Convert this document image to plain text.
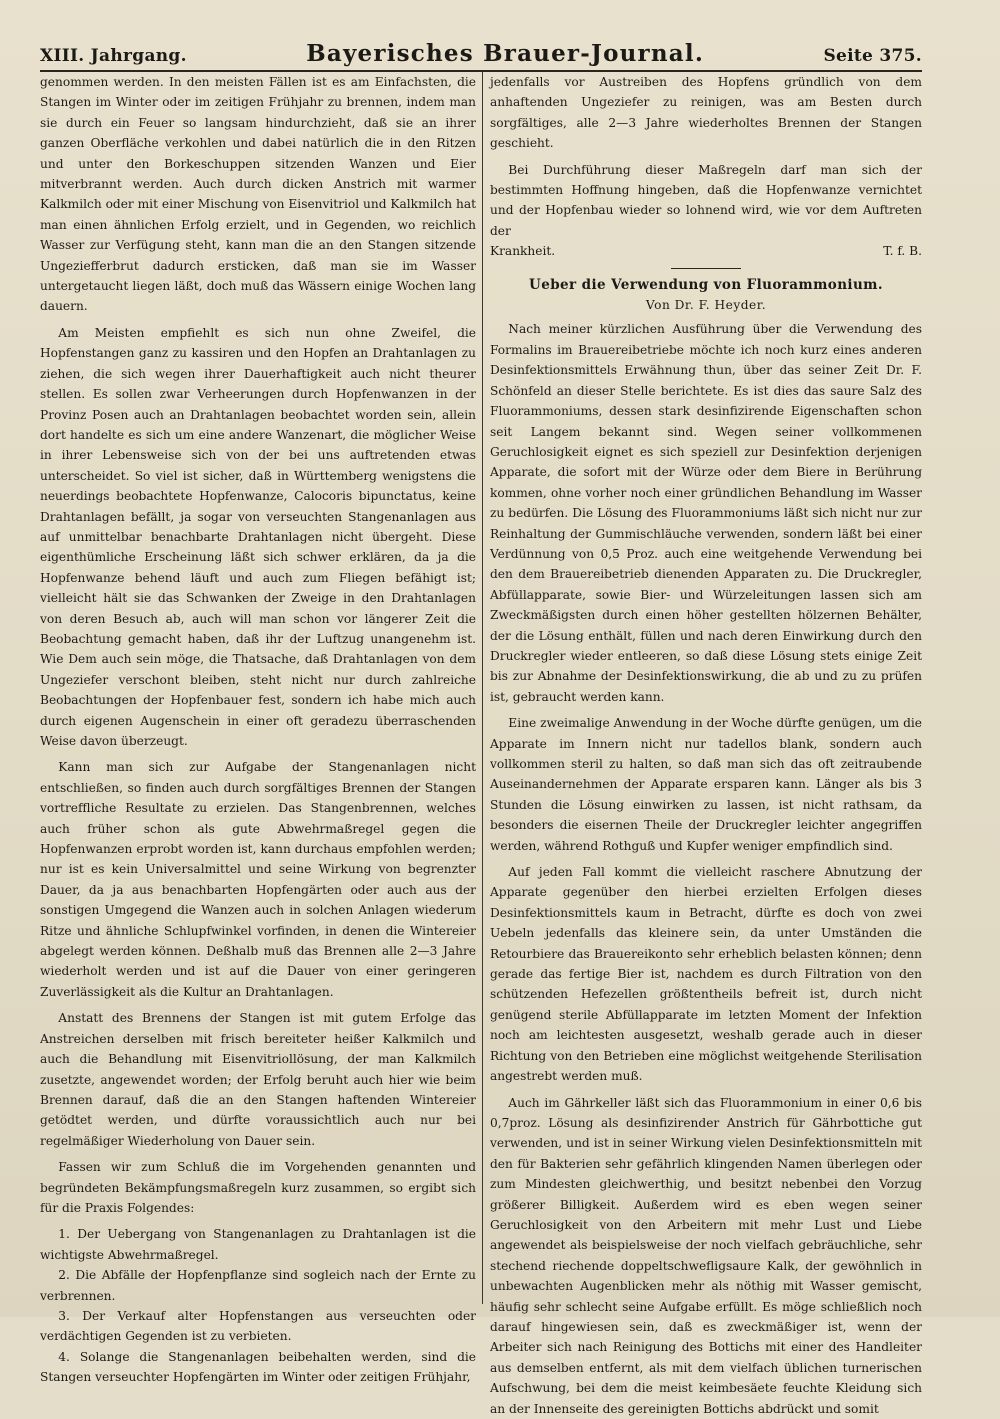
XIII. Jahrgang.	Bayerisches Brauer-Journal.	Seite 375.

genommen werden. In den meisten Fällen ist es am Einfachsten, die Stangen im Winter oder im zeitigen Frühjahr zu brennen, indem man sie durch ein Feuer so langsam hindurchzieht, daß sie an ihrer ganzen Oberfläche verkohlen und dabei natürlich die in den Ritzen und unter den Borkeschuppen sitzenden Wanzen und Eier mitverbrannt werden. Auch durch dicken Anstrich mit warmer Kalkmilch oder mit einer Mischung von Eisenvitriol und Kalkmilch hat man einen ähnlichen Erfolg erzielt, und in Gegenden, wo reichlich Wasser zur Verfügung steht, kann man die an den Stangen sitzende Ungeziefferbrut dadurch ersticken, daß man sie im Wasser untergetaucht liegen läßt, doch muß das Wässern einige Wochen lang dauern.

Am Meisten empfiehlt es sich nun ohne Zweifel, die Hopfenstangen ganz zu kassiren und den Hopfen an Drahtanlagen zu ziehen, die sich wegen ihrer Dauerhaftigkeit auch nicht theurer stellen. Es sollen zwar Verheerungen durch Hopfenwanzen in der Provinz Posen auch an Drahtanlagen beobachtet worden sein, allein dort handelte es sich um eine andere Wanzenart, die möglicher Weise in ihrer Lebensweise sich von der bei uns auftretenden etwas unterscheidet. So viel ist sicher, daß in Württemberg wenigstens die neuerdings beobachtete Hopfenwanze, Calocoris bipunctatus, keine Drahtanlagen befällt, ja sogar von verseuchten Stangenanlagen aus auf unmittelbar benachbarte Drahtanlagen nicht übergeht. Diese eigenthümliche Erscheinung läßt sich schwer erklären, da ja die Hopfenwanze behend läuft und auch zum Fliegen befähigt ist; vielleicht hält sie das Schwanken der Zweige in den Drahtanlagen von deren Besuch ab, auch will man schon vor längerer Zeit die Beobachtung gemacht haben, daß ihr der Luftzug unangenehm ist. Wie Dem auch sein möge, die Thatsache, daß Drahtanlagen von dem Ungeziefer verschont bleiben, steht nicht nur durch zahlreiche Beobachtungen der Hopfenbauer fest, sondern ich habe mich auch durch eigenen Augenschein in einer oft geradezu überraschenden Weise davon überzeugt.

Kann man sich zur Aufgabe der Stangenanlagen nicht entschließen, so finden auch durch sorgfältiges Brennen der Stangen vortreffliche Resultate zu erzielen. Das Stangenbrennen, welches auch früher schon als gute Abwehrmaßregel gegen die Hopfenwanzen erprobt worden ist, kann durchaus empfohlen werden; nur ist es kein Universalmittel und seine Wirkung von begrenzter Dauer, da ja aus benachbarten Hopfengärten oder auch aus der sonstigen Umgegend die Wanzen auch in solchen Anlagen wiederum Ritze und ähnliche Schlupfwinkel vorfinden, in denen die Wintereier abgelegt werden können. Deßhalb muß das Brennen alle 2—3 Jahre wiederholt werden und ist auf die Dauer von einer geringeren Zuverlässigkeit als die Kultur an Drahtanlagen.

Anstatt des Brennens der Stangen ist mit gutem Erfolge das Anstreichen derselben mit frisch bereiteter heißer Kalkmilch und auch die Behandlung mit Eisenvitriollösung, der man Kalkmilch zusetzte, angewendet worden; der Erfolg beruht auch hier wie beim Brennen darauf, daß die an den Stangen haftenden Wintereier getödtet werden, und dürfte voraussichtlich auch nur bei regelmäßiger Wiederholung von Dauer sein.

Fassen wir zum Schluß die im Vorgehenden genannten und begründeten Bekämpfungsmaßregeln kurz zusammen, so ergibt sich für die Praxis Folgendes:

1. Der Uebergang von Stangenanlagen zu Drahtanlagen ist die wichtigste Abwehrmaßregel.
2. Die Abfälle der Hopfenpflanze sind sogleich nach der Ernte zu verbrennen.
3. Der Verkauf alter Hopfenstangen aus verseuchten oder verdächtigen Gegenden ist zu verbieten.
4. Solange die Stangenanlagen beibehalten werden, sind die Stangen verseuchter Hopfengärten im Winter oder zeitigen Frühjahr,

jedenfalls vor Austreiben des Hopfens gründlich von dem anhaftenden Ungeziefer zu reinigen, was am Besten durch sorgfältiges, alle 2—3 Jahre wiederholtes Brennen der Stangen geschieht.

Bei Durchführung dieser Maßregeln darf man sich der bestimmten Hoffnung hingeben, daß die Hopfenwanze vernichtet und der Hopfenbau wieder so lohnend wird, wie vor dem Auftreten der

Krankheit.	T. f. B.
Ueber die Verwendung von Fluorammonium.
Von Dr. F. Heyder.

Nach meiner kürzlichen Ausführung über die Verwendung des Formalins im Brauereibetriebe möchte ich noch kurz eines anderen Desinfektionsmittels Erwähnung thun, über das seiner Zeit Dr. F. Schönfeld an dieser Stelle berichtete. Es ist dies das saure Salz des Fluorammoniums, dessen stark desinfizirende Eigenschaften schon seit Langem bekannt sind. Wegen seiner vollkommenen Geruchlosigkeit eignet es sich speziell zur Desinfektion derjenigen Apparate, die sofort mit der Würze oder dem Biere in Berührung kommen, ohne vorher noch einer gründlichen Behandlung im Wasser zu bedürfen. Die Lösung des Fluorammoniums läßt sich nicht nur zur Reinhaltung der Gummischläuche verwenden, sondern läßt bei einer Verdünnung von 0,5 Proz. auch eine weitgehende Verwendung bei den dem Brauereibetrieb dienenden Apparaten zu. Die Druckregler, Abfüllapparate, sowie Bier- und Würzeleitungen lassen sich am Zweckmäßigsten durch einen höher gestellten hölzernen Behälter, der die Lösung enthält, füllen und nach deren Einwirkung durch den Druckregler wieder entleeren, so daß diese Lösung stets einige Zeit bis zur Abnahme der Desinfektionswirkung, die ab und zu zu prüfen ist, gebraucht werden kann.

Eine zweimalige Anwendung in der Woche dürfte genügen, um die Apparate im Innern nicht nur tadellos blank, sondern auch vollkommen steril zu halten, so daß man sich das oft zeitraubende Auseinandernehmen der Apparate ersparen kann. Länger als bis 3 Stunden die Lösung einwirken zu lassen, ist nicht rathsam, da besonders die eisernen Theile der Druckregler leichter angegriffen werden, während Rothguß und Kupfer weniger empfindlich sind.

Auf jeden Fall kommt die vielleicht raschere Abnutzung der Apparate gegenüber den hierbei erzielten Erfolgen dieses Desinfektionsmittels kaum in Betracht, dürfte es doch von zwei Uebeln jedenfalls das kleinere sein, da unter Umständen die Retourbiere das Brauereikonto sehr erheblich belasten können; denn gerade das fertige Bier ist, nachdem es durch Filtration von den schützenden Hefezellen größtentheils befreit ist, durch nicht genügend sterile Abfüllapparate im letzten Moment der Infektion noch am leichtesten ausgesetzt, weshalb gerade auch in dieser Richtung von den Betrieben eine möglichst weitgehende Sterilisation angestrebt werden muß.

Auch im Gährkeller läßt sich das Fluorammonium in einer 0,6 bis 0,7proz. Lösung als desinfizirender Anstrich für Gährbottiche gut verwenden, und ist in seiner Wirkung vielen Desinfektionsmitteln mit den für Bakterien sehr gefährlich klingenden Namen überlegen oder zum Mindesten gleichwerthig, und besitzt nebenbei den Vorzug größerer Billigkeit. Außerdem wird es eben wegen seiner Geruchlosigkeit von den Arbeitern mit mehr Lust und Liebe angewendet als beispielsweise der noch vielfach gebräuchliche, sehr stechend riechende doppeltschwefligsaure Kalk, der gewöhnlich in unbewachten Augenblicken mehr als nöthig mit Wasser gemischt, häufig sehr schlecht seine Aufgabe erfüllt. Es möge schließlich noch darauf hingewiesen sein, daß es zweckmäßiger ist, wenn der Arbeiter sich nach Reinigung des Bottichs mit einer des Handleiter aus demselben entfernt, als mit dem vielfach üblichen turnerischen Aufschwung, bei dem die meist keimbesäete feuchte Kleidung sich an der Innenseite des gereinigten Bottichs abdrückt und somit
